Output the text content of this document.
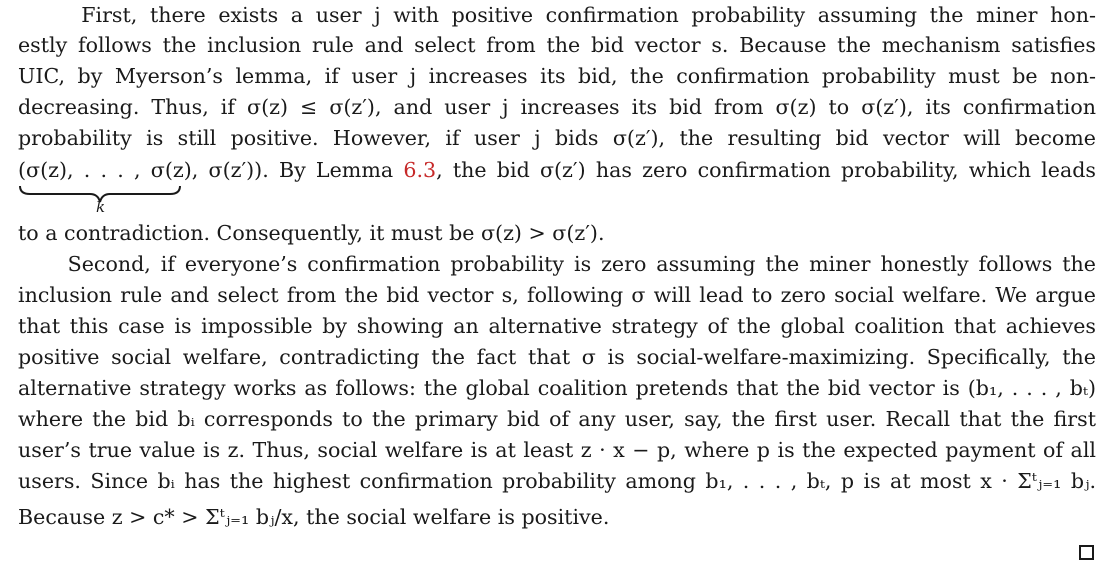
First, there exists a user j with positive confirmation probability assuming the miner hon-
estly follows the inclusion rule and select from the bid vector s. Because the mechanism satisfies
UIC, by Myerson’s lemma, if user j increases its bid, the confirmation probability must be non-
decreasing. Thus, if σ(z) ≤ σ(z′), and user j increases its bid from σ(z) to σ(z′), its confirmation
probability is still positive. However, if user j bids σ(z′), the resulting bid vector will become
(σ(z), . . . , σ(z), σ(z′)). By Lemma 6.3, the bid σ(z′) has zero confirmation probability, which leads
k
to a contradiction. Consequently, it must be σ(z) > σ(z′).
Second, if everyone’s confirmation probability is zero assuming the miner honestly follows the
inclusion rule and select from the bid vector s, following σ will lead to zero social welfare. We argue
that this case is impossible by showing an alternative strategy of the global coalition that achieves
positive social welfare, contradicting the fact that σ is social-welfare-maximizing. Specifically, the
alternative strategy works as follows: the global coalition pretends that the bid vector is (b₁, . . . , bₜ)
where the bid bᵢ corresponds to the primary bid of any user, say, the first user. Recall that the first
user’s true value is z. Thus, social welfare is at least z · x − p, where p is the expected payment of all
users. Since bᵢ has the highest confirmation probability among b₁, . . . , bₜ, p is at most x · Σᵗⱼ₌₁ bⱼ.
Because z > c* > Σᵗⱼ₌₁ bⱼ/x, the social welfare is positive.
